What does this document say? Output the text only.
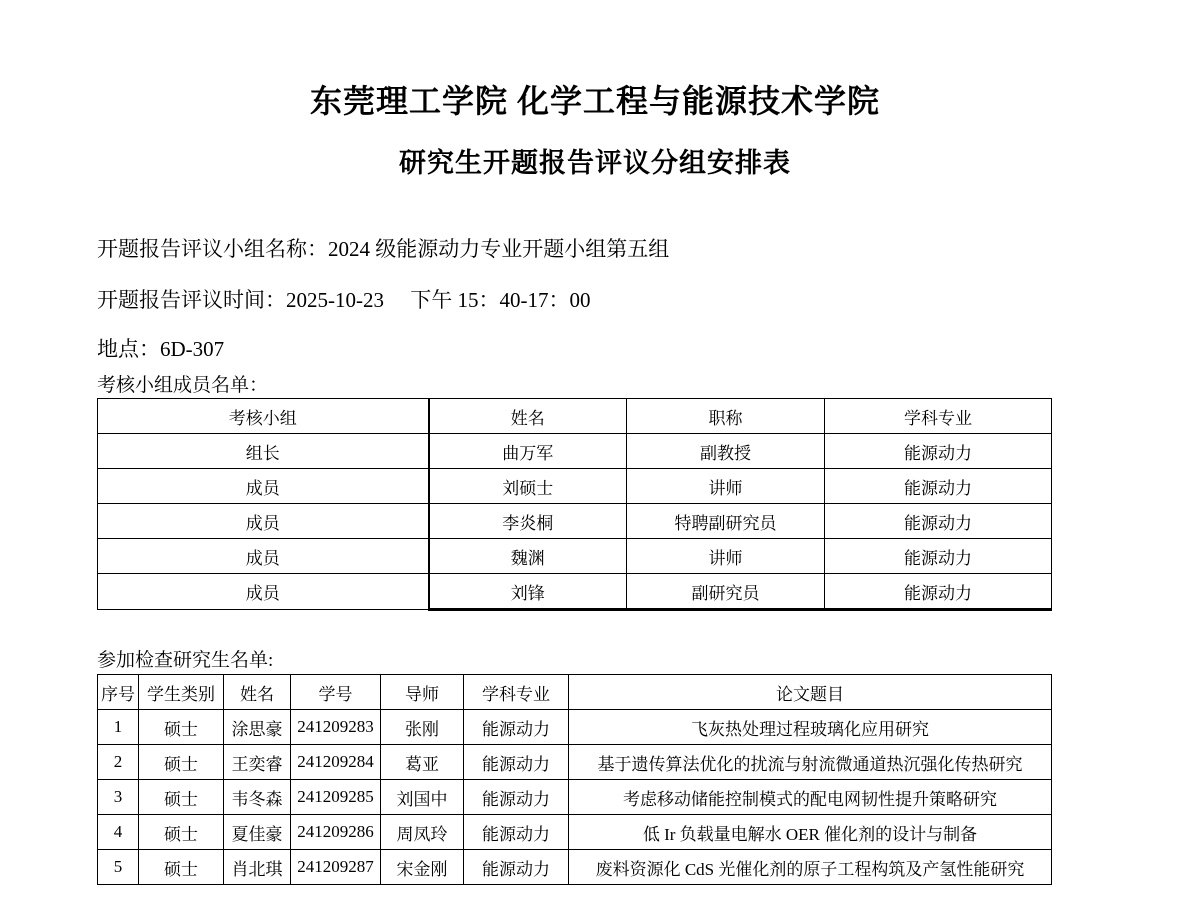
东莞理工学院 化学工程与能源技术学院
研究生开题报告评议分组安排表
开题报告评议小组名称：2024 级能源动力专业开题小组第五组
开题报告评议时间：2025-10-23　 下午 15：40-17：00
地点：6D-307
考核小组成员名单：
考核小组	姓名	职称	学科专业
组长	曲万军	副教授	能源动力
成员	刘硕士	讲师	能源动力
成员	李炎桐	特聘副研究员	能源动力
成员	魏渊	讲师	能源动力
成员	刘锋	副研究员	能源动力
参加检查研究生名单:
序号	学生类别	姓名	学号	导师	学科专业	论文题目
1	硕士	涂思豪	241209283	张刚	能源动力	飞灰热处理过程玻璃化应用研究
2	硕士	王奕睿	241209284	葛亚	能源动力	基于遗传算法优化的扰流与射流微通道热沉强化传热研究
3	硕士	韦冬森	241209285	刘国中	能源动力	考虑移动储能控制模式的配电网韧性提升策略研究
4	硕士	夏佳豪	241209286	周凤玲	能源动力	低 Ir 负载量电解水 OER 催化剂的设计与制备
5	硕士	肖北琪	241209287	宋金刚	能源动力	废料资源化 CdS 光催化剂的原子工程构筑及产氢性能研究
